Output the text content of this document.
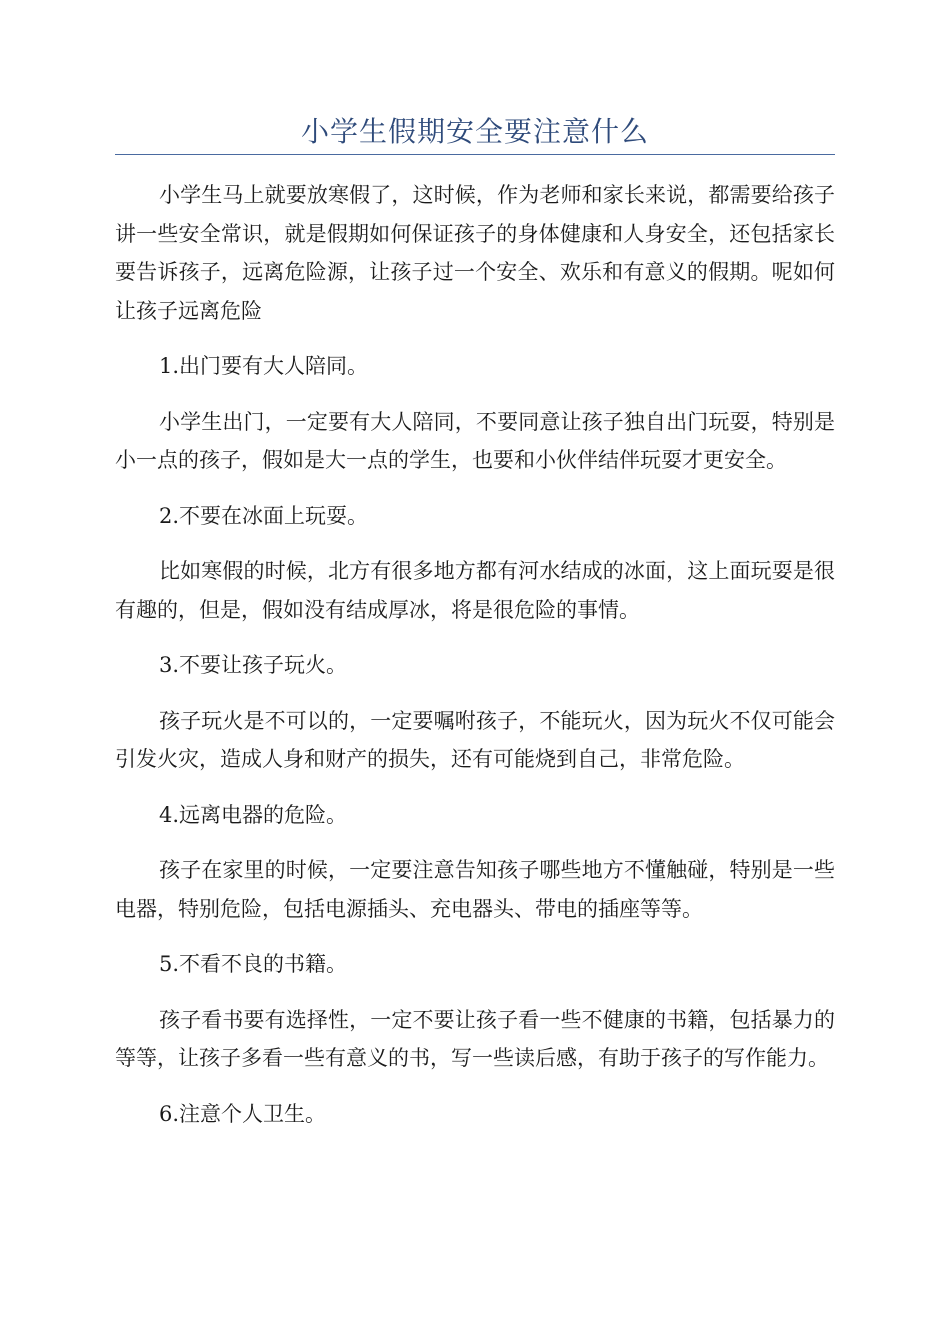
小学生假期安全要注意什么

小学生马上就要放寒假了，这时候，作为老师和家长来说，都需要给孩子讲一些安全常识，就是假期如何保证孩子的身体健康和人身安全，还包括家长要告诉孩子，远离危险源，让孩子过一个安全、欢乐和有意义的假期。呢如何让孩子远离危险

1.出门要有大人陪同。

小学生出门，一定要有大人陪同，不要同意让孩子独自出门玩耍，特别是小一点的孩子，假如是大一点的学生，也要和小伙伴结伴玩耍才更安全。

2.不要在冰面上玩耍。

比如寒假的时候，北方有很多地方都有河水结成的冰面，这上面玩耍是很有趣的，但是，假如没有结成厚冰，将是很危险的事情。

3.不要让孩子玩火。

孩子玩火是不可以的，一定要嘱咐孩子，不能玩火，因为玩火不仅可能会引发火灾，造成人身和财产的损失，还有可能烧到自己，非常危险。

4.远离电器的危险。

孩子在家里的时候，一定要注意告知孩子哪些地方不懂触碰，特别是一些电器，特别危险，包括电源插头、充电器头、带电的插座等等。

5.不看不良的书籍。

孩子看书要有选择性，一定不要让孩子看一些不健康的书籍，包括暴力的等等，让孩子多看一些有意义的书，写一些读后感，有助于孩子的写作能力。

6.注意个人卫生。
